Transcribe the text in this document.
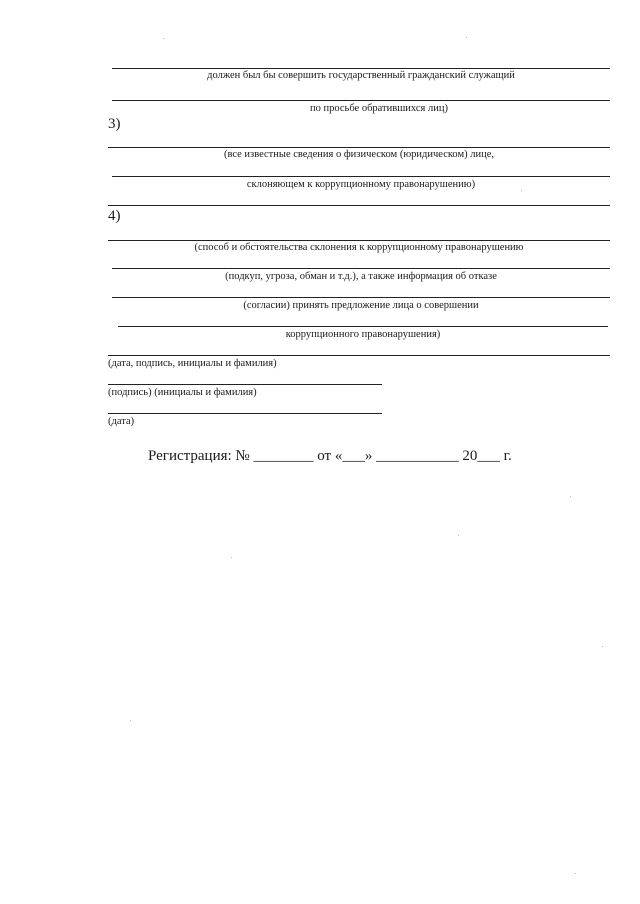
должен был бы совершить государственный гражданский служащий
по просьбе обратившихся лиц)
3)
(все известные сведения о физическом (юридическом) лице,
склоняющем к коррупционному правонарушению)
4)
(способ и обстоятельства склонения к коррупционному правонарушению
(подкуп, угроза, обман и т.д.), а также информация об отказе
(согласии) принять предложение лица о совершении
коррупционного правонарушения)
(дата, подпись, инициалы и фамилия)
(подпись) (инициалы и фамилия)
(дата)
Регистрация: № ________ от «___» ___________ 20___ г.
